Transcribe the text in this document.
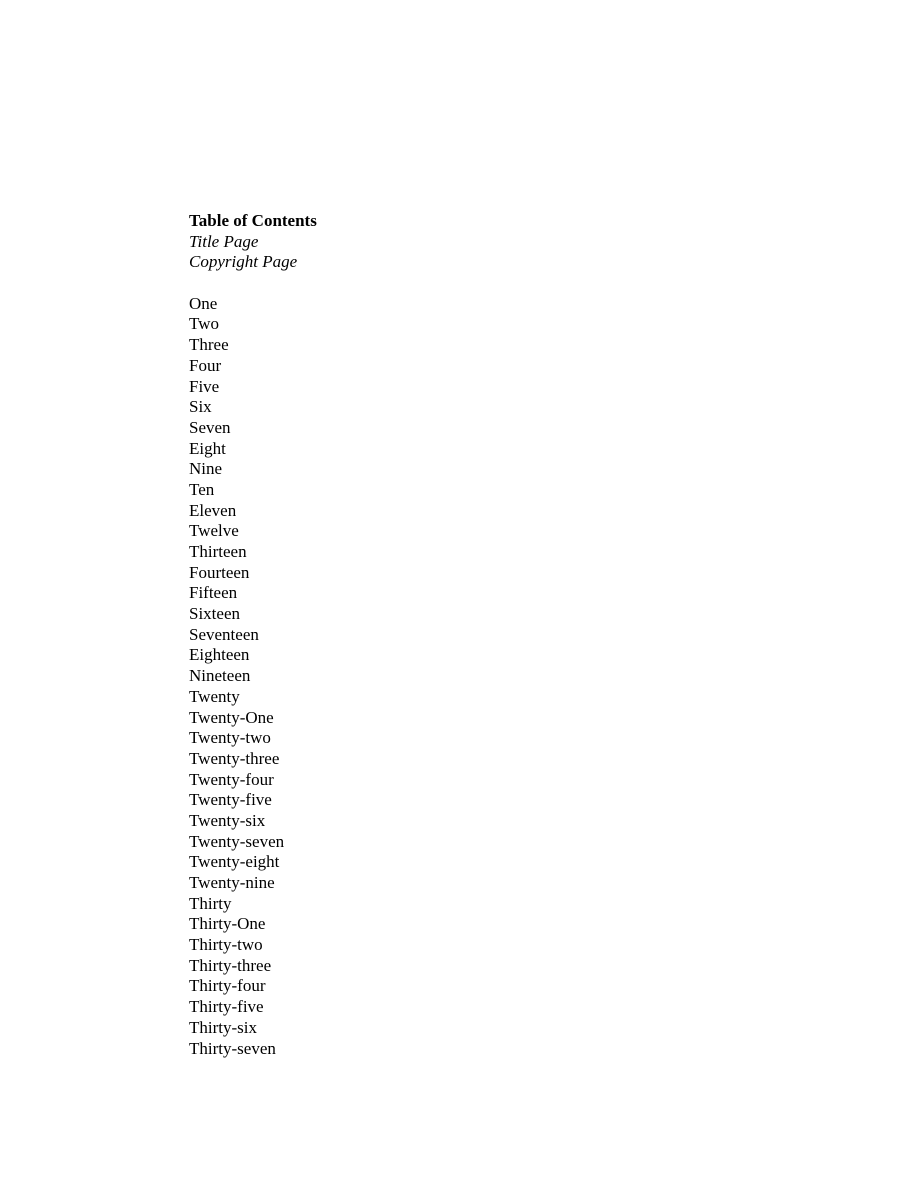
Table of Contents
Title Page
Copyright Page
One
Two
Three
Four
Five
Six
Seven
Eight
Nine
Ten
Eleven
Twelve
Thirteen
Fourteen
Fifteen
Sixteen
Seventeen
Eighteen
Nineteen
Twenty
Twenty-One
Twenty-two
Twenty-three
Twenty-four
Twenty-five
Twenty-six
Twenty-seven
Twenty-eight
Twenty-nine
Thirty
Thirty-One
Thirty-two
Thirty-three
Thirty-four
Thirty-five
Thirty-six
Thirty-seven
